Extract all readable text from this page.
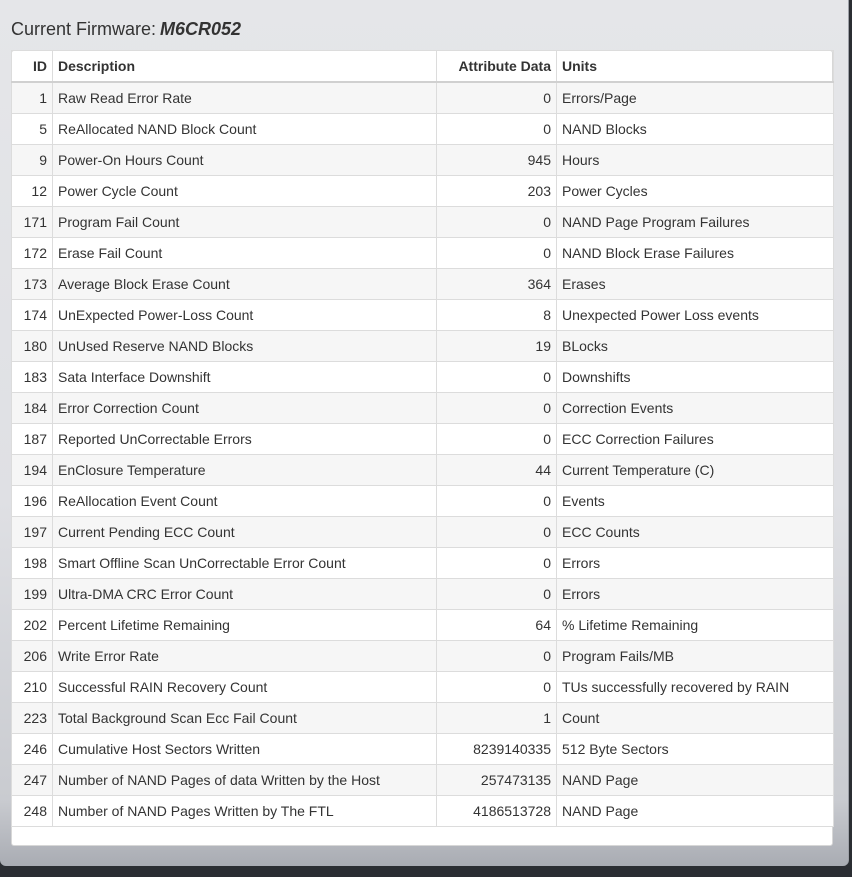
Current Firmware: M6CR052
ID	Description	Attribute Data	Units
1	Raw Read Error Rate	0	Errors/Page
5	ReAllocated NAND Block Count	0	NAND Blocks
9	Power-On Hours Count	945	Hours
12	Power Cycle Count	203	Power Cycles
171	Program Fail Count	0	NAND Page Program Failures
172	Erase Fail Count	0	NAND Block Erase Failures
173	Average Block Erase Count	364	Erases
174	UnExpected Power-Loss Count	8	Unexpected Power Loss events
180	UnUsed Reserve NAND Blocks	19	BLocks
183	Sata Interface Downshift	0	Downshifts
184	Error Correction Count	0	Correction Events
187	Reported UnCorrectable Errors	0	ECC Correction Failures
194	EnClosure Temperature	44	Current Temperature (C)
196	ReAllocation Event Count	0	Events
197	Current Pending ECC Count	0	ECC Counts
198	Smart Offline Scan UnCorrectable Error Count	0	Errors
199	Ultra-DMA CRC Error Count	0	Errors
202	Percent Lifetime Remaining	64	% Lifetime Remaining
206	Write Error Rate	0	Program Fails/MB
210	Successful RAIN Recovery Count	0	TUs successfully recovered by RAIN
223	Total Background Scan Ecc Fail Count	1	Count
246	Cumulative Host Sectors Written	8239140335	512 Byte Sectors
247	Number of NAND Pages of data Written by the Host	257473135	NAND Page
248	Number of NAND Pages Written by The FTL	4186513728	NAND Page
